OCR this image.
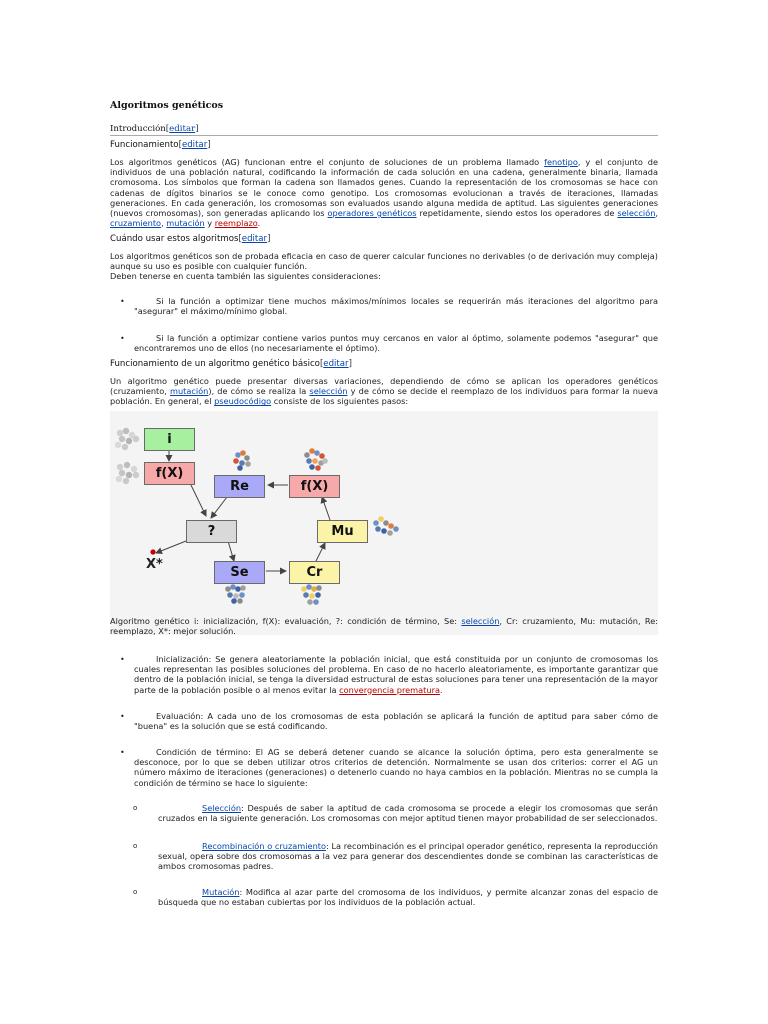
Algoritmos genéticos
Introducción[editar]
Funcionamiento[editar]

Los algoritmos genéticos (AG) funcionan entre el conjunto de soluciones de un problema llamado fenotipo, y el conjunto de individuos de una población natural, codificando la información de cada solución en una cadena, generalmente binaria, llamada cromosoma. Los símbolos que forman la cadena son llamados genes. Cuando la representación de los cromosomas se hace con cadenas de dígitos binarios se le conoce como genotipo. Los cromosomas evolucionan a través de iteraciones, llamadas generaciones. En cada generación, los cromosomas son evaluados usando alguna medida de aptitud. Las siguientes generaciones (nuevos cromosomas), son generadas aplicando los operadores genéticos repetidamente, siendo estos los operadores de selección, cruzamiento, mutación y reemplazo.

Cuándo usar estos algoritmos[editar]

Los algoritmos genéticos son de probada eficacia en caso de querer calcular funciones no derivables (o de derivación muy compleja) aunque su uso es posible con cualquier función.
Deben tenerse en cuenta también las siguientes consideraciones:

•	Si la función a optimizar tiene muchos máximos/mínimos locales se requerirán más iteraciones del algoritmo para "asegurar" el máximo/mínimo global.
•	Si la función a optimizar contiene varios puntos muy cercanos en valor al óptimo, solamente podemos "asegurar" que encontraremos uno de ellos (no necesariamente el óptimo).
Funcionamiento de un algoritmo genético básico[editar]

Un algoritmo genético puede presentar diversas variaciones, dependiendo de cómo se aplican los operadores genéticos (cruzamiento, mutación), de cómo se realiza la selección y de cómo se decide el reemplazo de los individuos para formar la nueva población. En general, el pseudocódigo consiste de los siguientes pasos:

i
f(X)
Re	f(X)
?	Mu
Se	Cr
X*
Algoritmo genético i: inicialización, f(X): evaluación, ?: condición de término, Se: selección, Cr: cruzamiento, Mu: mutación, Re: reemplazo, X*: mejor solución.
•	Inicialización: Se genera aleatoriamente la población inicial, que está constituida por un conjunto de cromosomas los cuales representan las posibles soluciones del problema. En caso de no hacerlo aleatoriamente, es importante garantizar que dentro de la población inicial, se tenga la diversidad estructural de estas soluciones para tener una representación de la mayor parte de la población posible o al menos evitar la convergencia prematura.
•	Evaluación: A cada uno de los cromosomas de esta población se aplicará la función de aptitud para saber cómo de "buena" es la solución que se está codificando.
•	Condición de término: El AG se deberá detener cuando se alcance la solución óptima, pero esta generalmente se desconoce, por lo que se deben utilizar otros criterios de detención. Normalmente se usan dos criterios: correr el AG un número máximo de iteraciones (generaciones) o detenerlo cuando no haya cambios en la población. Mientras no se cumpla la condición de término se hace lo siguiente:
o	Selección: Después de saber la aptitud de cada cromosoma se procede a elegir los cromosomas que serán cruzados en la siguiente generación. Los cromosomas con mejor aptitud tienen mayor probabilidad de ser seleccionados.
o	Recombinación o cruzamiento: La recombinación es el principal operador genético, representa la reproducción sexual, opera sobre dos cromosomas a la vez para generar dos descendientes donde se combinan las características de ambos cromosomas padres.
o	Mutación: Modifica al azar parte del cromosoma de los individuos, y permite alcanzar zonas del espacio de búsqueda que no estaban cubiertas por los individuos de la población actual.
